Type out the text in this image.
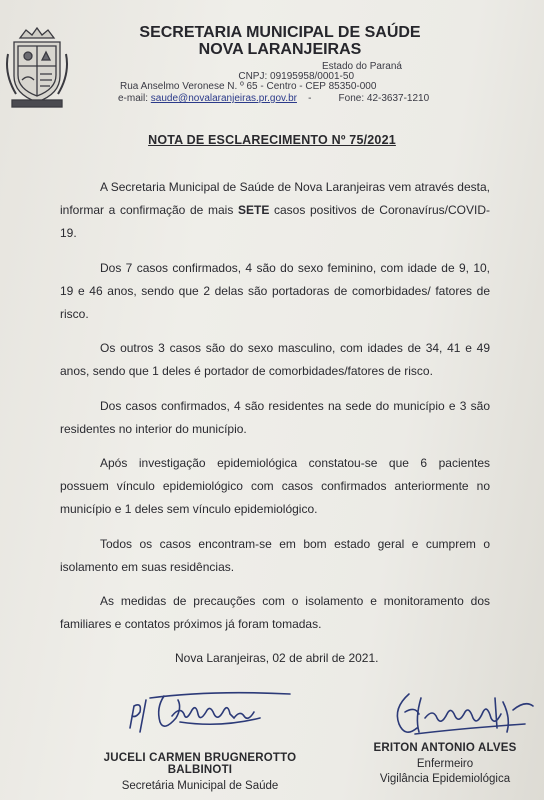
SECRETARIA MUNICIPAL DE SAÚDE
NOVA LARANJEIRAS
Estado do Paraná
CNPJ: 09195958/0001-50
Rua Anselmo Veronese N. º 65 - Centro - CEP 85350-000
e-mail: saude@novalaranjeiras.pr.gov.br -	Fone: 42-3637-1210
NOTA DE ESCLARECIMENTO Nº 75/2021

A Secretaria Municipal de Saúde de Nova Laranjeiras vem através desta, informar a confirmação de mais SETE casos positivos de Coronavírus/COVID-19.

Dos 7 casos confirmados, 4 são do sexo feminino, com idade de 9, 10, 19 e 46 anos, sendo que 2 delas são portadoras de comorbidades/ fatores de risco.

Os outros 3 casos são do sexo masculino, com idades de 34, 41 e 49 anos, sendo que 1 deles é portador de comorbidades/fatores de risco.

Dos casos confirmados, 4 são residentes na sede do município e 3 são residentes no interior do município.

Após investigação epidemiológica constatou-se que 6 pacientes possuem vínculo epidemiológico com casos confirmados anteriormente no município e 1 deles sem vínculo epidemiológico.

Todos os casos encontram-se em bom estado geral e cumprem o isolamento em suas residências.

As medidas de precauções com o isolamento e monitoramento dos familiares e contatos próximos já foram tomadas.

Nova Laranjeiras, 02 de abril de 2021.
JUCELI CARMEN BRUGNEROTTO BALBINOTI
Secretária Municipal de Saúde
ERITON ANTONIO ALVES
Enfermeiro
Vigilância Epidemiológica
